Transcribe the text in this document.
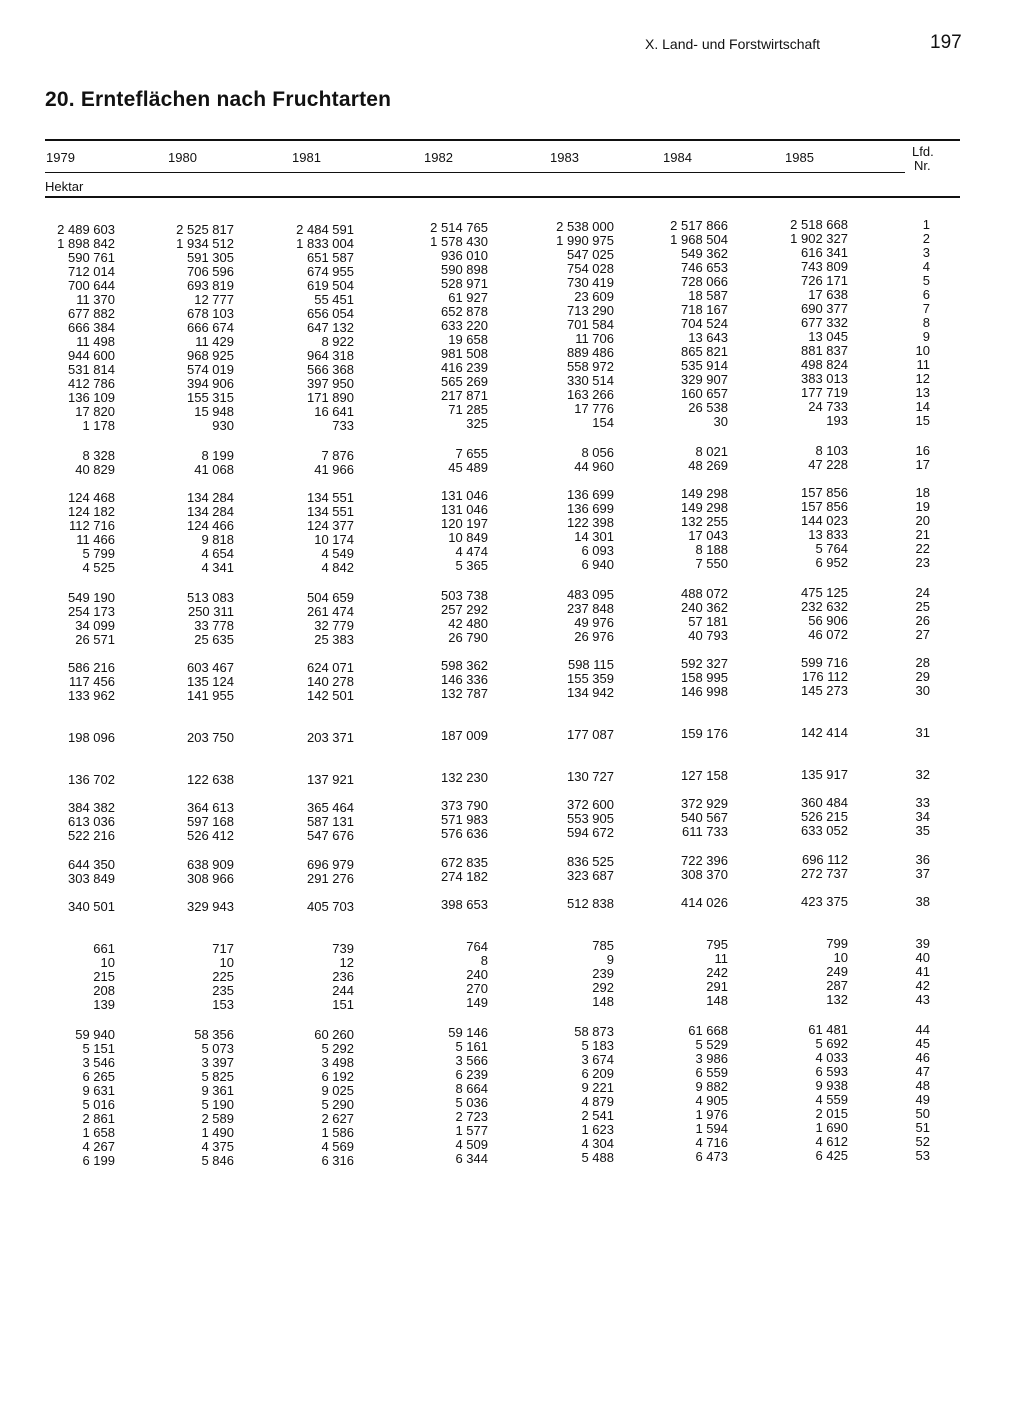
X. Land- und Forstwirtschaft	197
20. Ernteflächen nach Fruchtarten
1979	1980	1981	1982	1983	1984	1985	Lfd.
Nr.
Hektar
2 489 603	2 525 817	2 484 591	2 514 765	2 538 000	2 517 866	2 518 668	1
1 898 842	1 934 512	1 833 004	1 578 430	1 990 975	1 968 504	1 902 327	2
590 761	591 305	651 587	936 010	547 025	549 362	616 341	3
712 014	706 596	674 955	590 898	754 028	746 653	743 809	4
700 644	693 819	619 504	528 971	730 419	728 066	726 171	5
11 370	12 777	55 451	61 927	23 609	18 587	17 638	6
677 882	678 103	656 054	652 878	713 290	718 167	690 377	7
666 384	666 674	647 132	633 220	701 584	704 524	677 332	8
11 498	11 429	8 922	19 658	11 706	13 643	13 045	9
944 600	968 925	964 318	981 508	889 486	865 821	881 837	10
531 814	574 019	566 368	416 239	558 972	535 914	498 824	11
412 786	394 906	397 950	565 269	330 514	329 907	383 013	12
136 109	155 315	171 890	217 871	163 266	160 657	177 719	13
17 820	15 948	16 641	71 285	17 776	26 538	24 733	14
1 178	930	733	325	154	30	193	15
8 328	8 199	7 876	7 655	8 056	8 021	8 103	16
40 829	41 068	41 966	45 489	44 960	48 269	47 228	17
124 468	134 284	134 551	131 046	136 699	149 298	157 856	18
124 182	134 284	134 551	131 046	136 699	149 298	157 856	19
112 716	124 466	124 377	120 197	122 398	132 255	144 023	20
11 466	9 818	10 174	10 849	14 301	17 043	13 833	21
5 799	4 654	4 549	4 474	6 093	8 188	5 764	22
4 525	4 341	4 842	5 365	6 940	7 550	6 952	23
549 190	513 083	504 659	503 738	483 095	488 072	475 125	24
254 173	250 311	261 474	257 292	237 848	240 362	232 632	25
34 099	33 778	32 779	42 480	49 976	57 181	56 906	26
26 571	25 635	25 383	26 790	26 976	40 793	46 072	27
586 216	603 467	624 071	598 362	598 115	592 327	599 716	28
117 456	135 124	140 278	146 336	155 359	158 995	176 112	29
133 962	141 955	142 501	132 787	134 942	146 998	145 273	30
198 096	203 750	203 371	187 009	177 087	159 176	142 414	31
136 702	122 638	137 921	132 230	130 727	127 158	135 917	32
384 382	364 613	365 464	373 790	372 600	372 929	360 484	33
613 036	597 168	587 131	571 983	553 905	540 567	526 215	34
522 216	526 412	547 676	576 636	594 672	611 733	633 052	35
644 350	638 909	696 979	672 835	836 525	722 396	696 112	36
303 849	308 966	291 276	274 182	323 687	308 370	272 737	37
340 501	329 943	405 703	398 653	512 838	414 026	423 375	38
661	717	739	764	785	795	799	39
10	10	12	8	9	11	10	40
215	225	236	240	239	242	249	41
208	235	244	270	292	291	287	42
139	153	151	149	148	148	132	43
59 940	58 356	60 260	59 146	58 873	61 668	61 481	44
5 151	5 073	5 292	5 161	5 183	5 529	5 692	45
3 546	3 397	3 498	3 566	3 674	3 986	4 033	46
6 265	5 825	6 192	6 239	6 209	6 559	6 593	47
9 631	9 361	9 025	8 664	9 221	9 882	9 938	48
5 016	5 190	5 290	5 036	4 879	4 905	4 559	49
2 861	2 589	2 627	2 723	2 541	1 976	2 015	50
1 658	1 490	1 586	1 577	1 623	1 594	1 690	51
4 267	4 375	4 569	4 509	4 304	4 716	4 612	52
6 199	5 846	6 316	6 344	5 488	6 473	6 425	53
